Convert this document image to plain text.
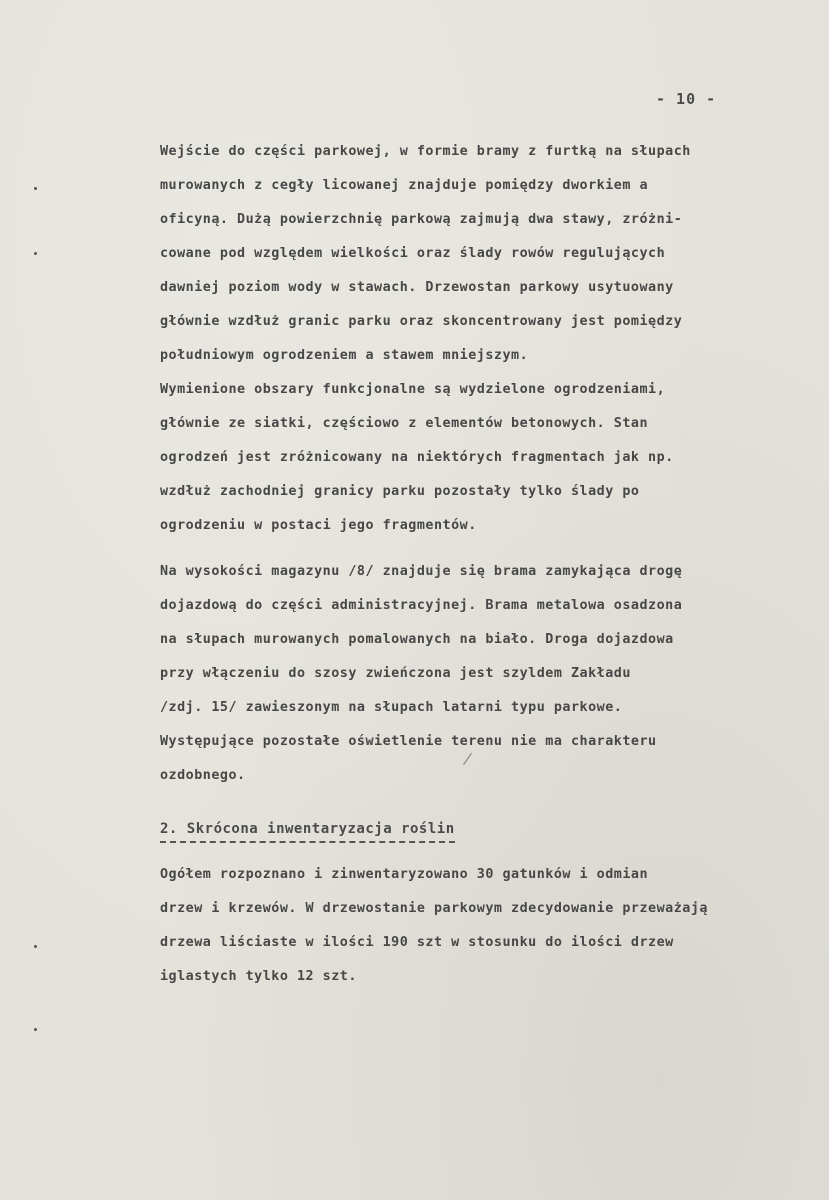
- 10 -
Wejście do części parkowej, w formie bramy z furtką na słupach
murowanych z cegły licowanej znajduje pomiędzy dworkiem a
oficyną. Dużą powierzchnię parkową zajmują dwa stawy, zróżni-
cowane pod względem wielkości oraz ślady rowów regulujących
dawniej poziom wody w stawach. Drzewostan parkowy usytuowany
głównie wzdłuż granic parku oraz skoncentrowany jest pomiędzy
południowym ogrodzeniem a stawem mniejszym.
Wymienione obszary funkcjonalne są wydzielone ogrodzeniami,
głównie ze siatki, częściowo z elementów betonowych. Stan
ogrodzeń jest zróżnicowany na niektórych fragmentach jak np.
wzdłuż zachodniej granicy parku pozostały tylko ślady po
ogrodzeniu w postaci jego fragmentów.
Na wysokości magazynu /8/ znajduje się brama zamykająca drogę
dojazdową do części administracyjnej. Brama metalowa osadzona
na słupach murowanych pomalowanych na biało. Droga dojazdowa
przy włączeniu do szosy zwieńczona jest szyldem Zakładu
/zdj. 15/ zawieszonym na słupach latarni typu parkowe.
Występujące pozostałe oświetlenie terenu nie ma charakteru
ozdobnego.
2. Skrócona inwentaryzacja roślin
Ogółem rozpoznano i zinwentaryzowano 30 gatunków i odmian
drzew i krzewów. W drzewostanie parkowym zdecydowanie przeważają
drzewa liściaste w ilości 190 szt w stosunku do ilości drzew
iglastych tylko 12 szt.
